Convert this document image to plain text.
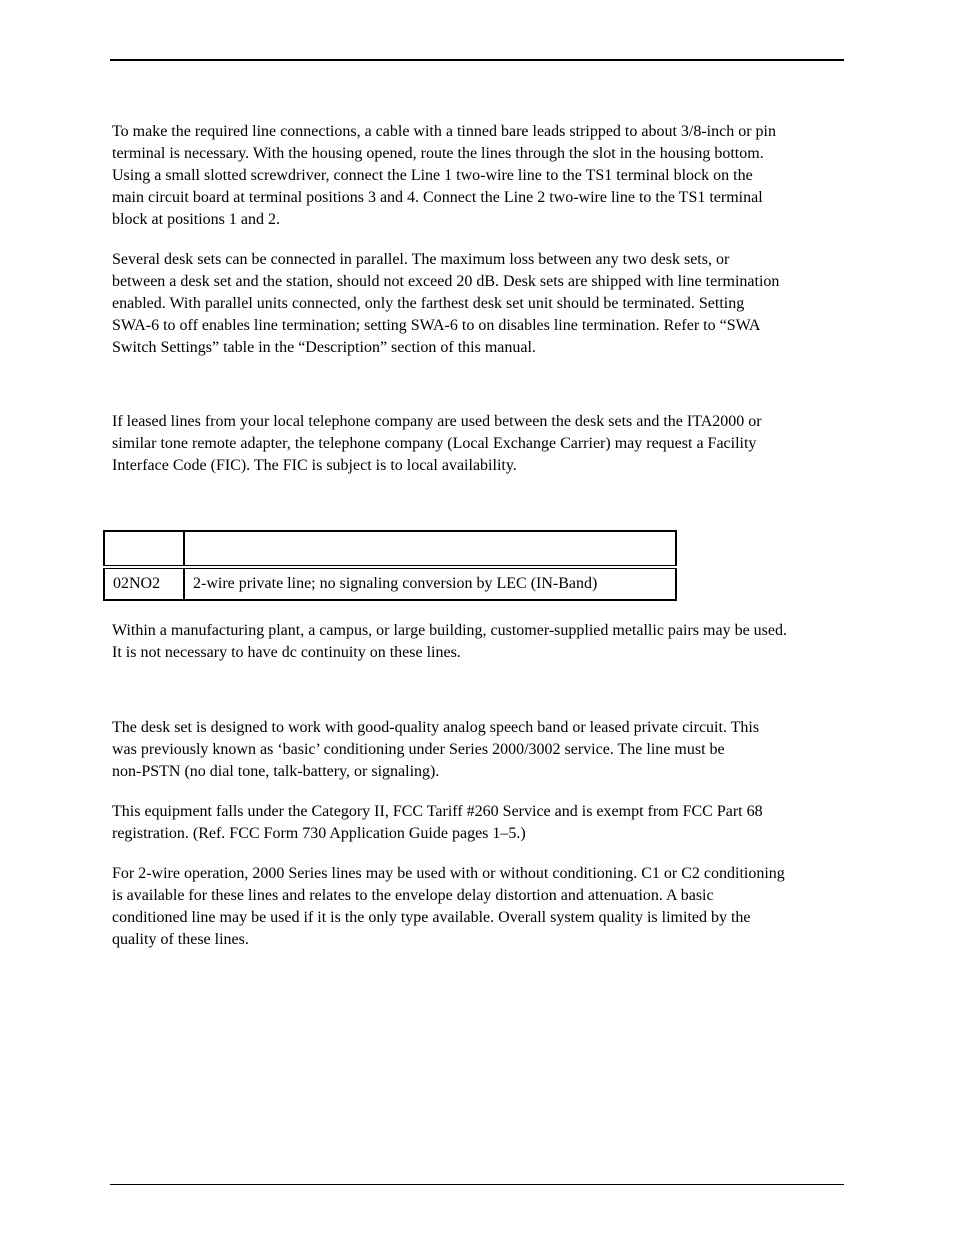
To make the required line connections, a cable with a tinned bare leads stripped to about 3/8-inch or pin
terminal is necessary. With the housing opened, route the lines through the slot in the housing bottom.
Using a small slotted screwdriver, connect the Line 1 two-wire line to the TS1 terminal block on the
main circuit board at terminal positions 3 and 4. Connect the Line 2 two-wire line to the TS1 terminal
block at positions 1 and 2.

Several desk sets can be connected in parallel. The maximum loss between any two desk sets, or
between a desk set and the station, should not exceed 20 dB. Desk sets are shipped with line termination
enabled. With parallel units connected, only the farthest desk set unit should be terminated. Setting
SWA-6 to off enables line termination; setting SWA-6 to on disables line termination. Refer to “SWA
Switch Settings” table in the “Description” section of this manual.

If leased lines from your local telephone company are used between the desk sets and the ITA2000 or
similar tone remote adapter, the telephone company (Local Exchange Carrier) may request a Facility
Interface Code (FIC). The FIC is subject is to local availability.

02NO2	2-wire private line; no signaling conversion by LEC (IN-Band)

Within a manufacturing plant, a campus, or large building, customer-supplied metallic pairs may be used.
It is not necessary to have dc continuity on these lines.

The desk set is designed to work with good-quality analog speech band or leased private circuit. This
was previously known as ‘basic’ conditioning under Series 2000/3002 service. The line must be
non-PSTN (no dial tone, talk-battery, or signaling).

This equipment falls under the Category II, FCC Tariff #260 Service and is exempt from FCC Part 68
registration. (Ref. FCC Form 730 Application Guide pages 1–5.)

For 2-wire operation, 2000 Series lines may be used with or without conditioning. C1 or C2 conditioning
is available for these lines and relates to the envelope delay distortion and attenuation. A basic
conditioned line may be used if it is the only type available. Overall system quality is limited by the
quality of these lines.
